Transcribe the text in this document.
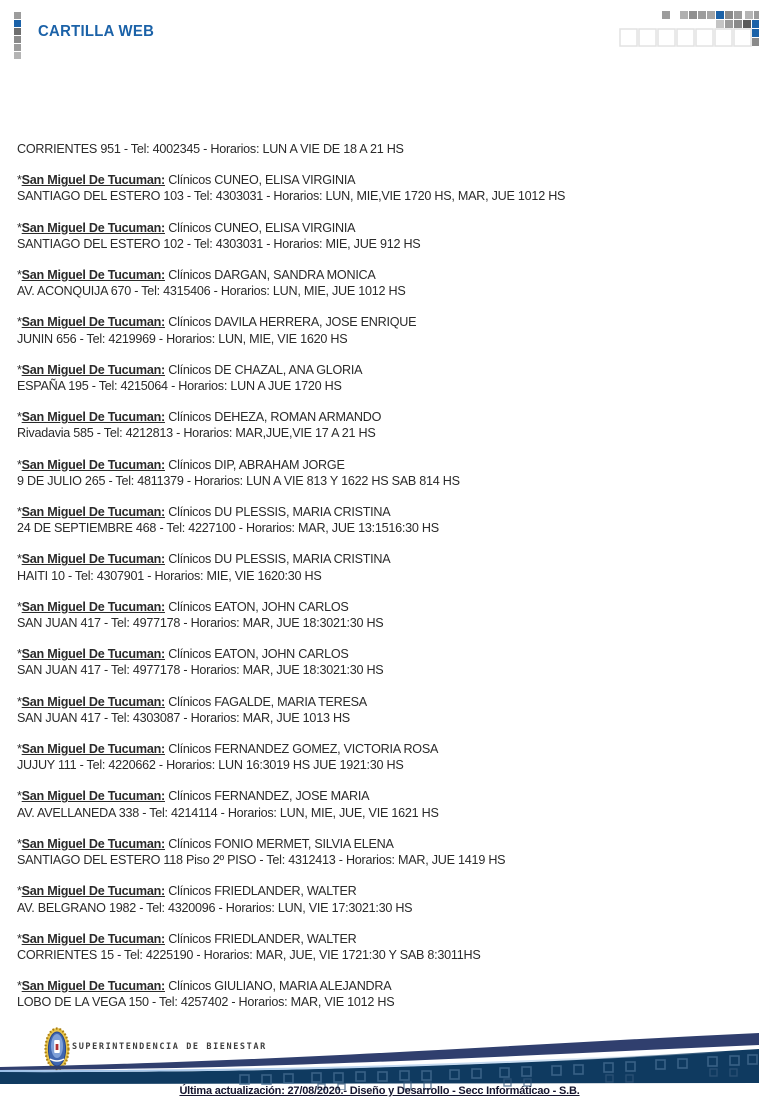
CARTILLA WEB

CORRIENTES 951 - Tel: 4002345 - Horarios: LUN A VIE DE 18 A 21 HS

*San Miguel De Tucuman: Clínicos CUNEO, ELISA VIRGINIA

SANTIAGO DEL ESTERO 103 - Tel: 4303031 - Horarios: LUN, MIE,VIE 1720 HS, MAR, JUE 1012 HS

*San Miguel De Tucuman: Clínicos CUNEO, ELISA VIRGINIA

SANTIAGO DEL ESTERO 102 - Tel: 4303031 - Horarios: MIE, JUE 912 HS

*San Miguel De Tucuman: Clínicos DARGAN, SANDRA MONICA

AV. ACONQUIJA 670 - Tel: 4315406 - Horarios: LUN, MIE, JUE 1012 HS

*San Miguel De Tucuman: Clínicos DAVILA HERRERA, JOSE ENRIQUE

JUNIN 656 - Tel: 4219969 - Horarios: LUN, MIE, VIE 1620 HS

*San Miguel De Tucuman: Clínicos DE CHAZAL, ANA GLORIA

ESPAÑA 195 - Tel: 4215064 - Horarios: LUN A JUE 1720 HS

*San Miguel De Tucuman: Clínicos DEHEZA, ROMAN ARMANDO

Rivadavia 585 - Tel: 4212813 - Horarios: MAR,JUE,VIE 17 A 21 HS

*San Miguel De Tucuman: Clínicos DIP, ABRAHAM JORGE

9 DE JULIO 265 - Tel: 4811379 - Horarios: LUN A VIE 813 Y 1622 HS SAB 814 HS

*San Miguel De Tucuman: Clínicos DU PLESSIS, MARIA CRISTINA

24 DE SEPTIEMBRE 468 - Tel: 4227100 - Horarios: MAR, JUE 13:1516:30 HS

*San Miguel De Tucuman: Clínicos DU PLESSIS, MARIA CRISTINA

HAITI 10 - Tel: 4307901 - Horarios: MIE, VIE 1620:30 HS

*San Miguel De Tucuman: Clínicos EATON, JOHN CARLOS

SAN JUAN 417 - Tel: 4977178 - Horarios: MAR, JUE 18:3021:30 HS

*San Miguel De Tucuman: Clínicos EATON, JOHN CARLOS

SAN JUAN 417 - Tel: 4977178 - Horarios: MAR, JUE 18:3021:30 HS

*San Miguel De Tucuman: Clínicos FAGALDE, MARIA TERESA

SAN JUAN 417 - Tel: 4303087 - Horarios: MAR, JUE 1013 HS

*San Miguel De Tucuman: Clínicos FERNANDEZ GOMEZ, VICTORIA ROSA

JUJUY 111 - Tel: 4220662 - Horarios: LUN 16:3019 HS JUE 1921:30 HS

*San Miguel De Tucuman: Clínicos FERNANDEZ, JOSE MARIA

AV. AVELLANEDA 338 - Tel: 4214114 - Horarios: LUN, MIE, JUE, VIE 1621 HS

*San Miguel De Tucuman: Clínicos FONIO MERMET, SILVIA ELENA

SANTIAGO DEL ESTERO 118 Piso 2º PISO - Tel: 4312413 - Horarios: MAR, JUE 1419 HS

*San Miguel De Tucuman: Clínicos FRIEDLANDER, WALTER

AV. BELGRANO 1982 - Tel: 4320096 - Horarios: LUN, VIE 17:3021:30 HS

*San Miguel De Tucuman: Clínicos FRIEDLANDER, WALTER

CORRIENTES 15 - Tel: 4225190 - Horarios: MAR, JUE, VIE 1721:30 Y SAB 8:3011HS

*San Miguel De Tucuman: Clínicos GIULIANO, MARIA ALEJANDRA

LOBO DE LA VEGA 150 - Tel: 4257402 - Horarios: MAR, VIE 1012 HS

SUPERINTENDENCIA DE BIENESTAR
Última actualización: 27/08/2020.- Diseño y Desarrollo - Secc Informáticao - S.B.
